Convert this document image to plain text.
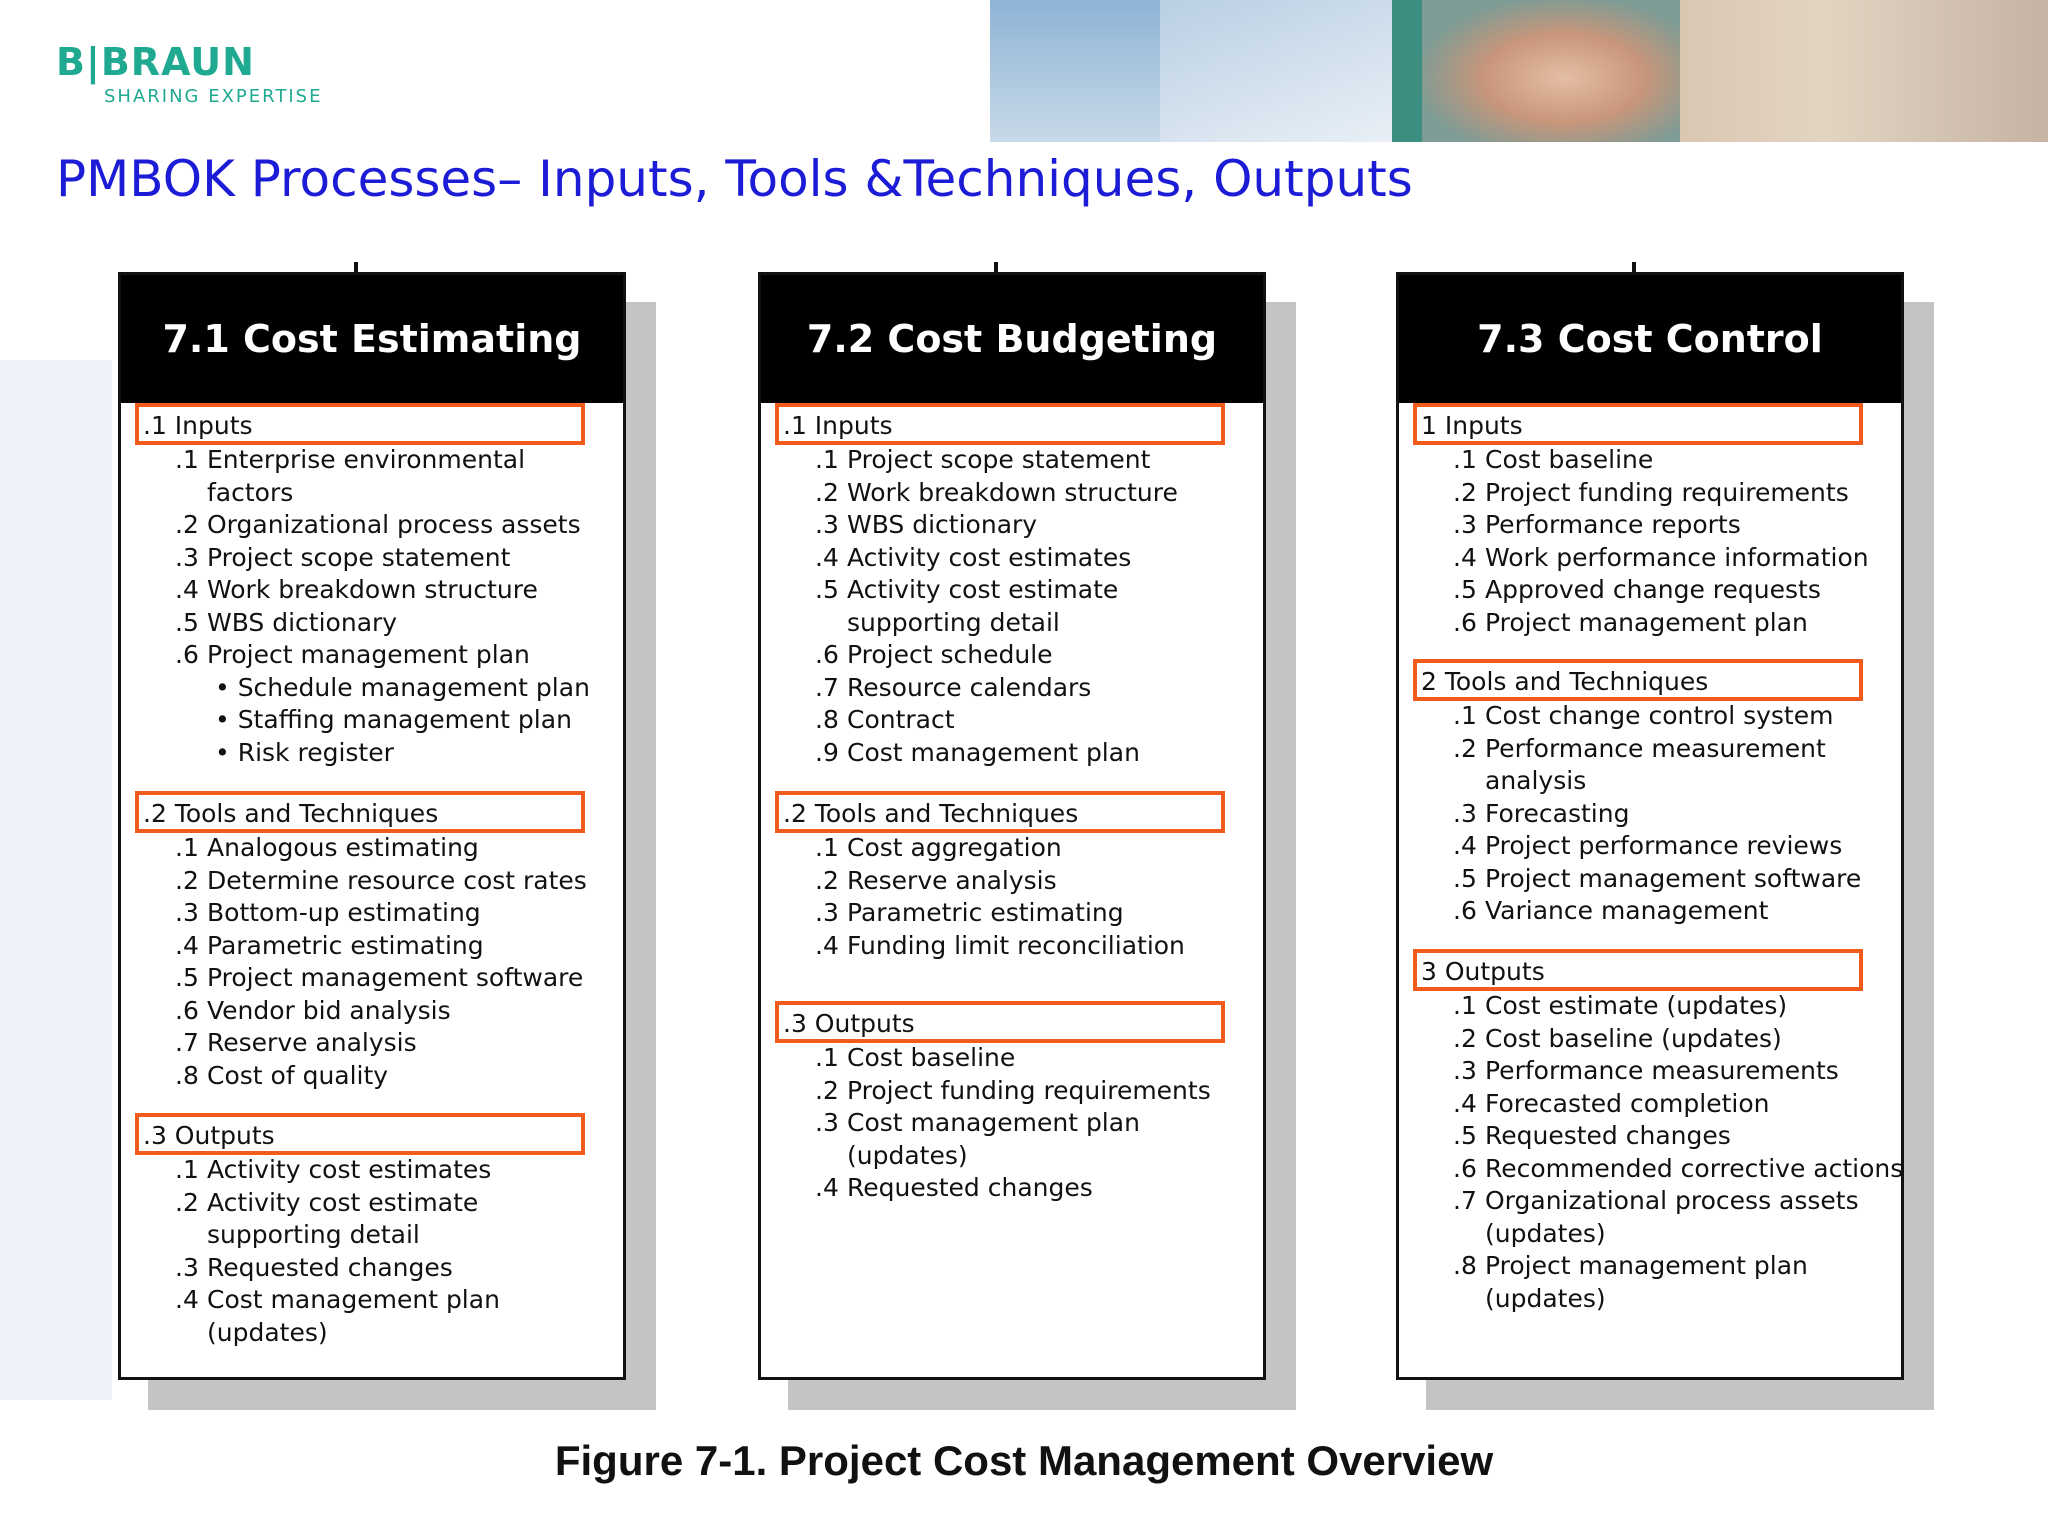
B|BRAUN
SHARING EXPERTISE
PMBOK Processes– Inputs, Tools &Techniques, Outputs
7.1 Cost Estimating
.1 Inputs
.1 Enterprise environmental
factors
.2 Organizational process assets
.3 Project scope statement
.4 Work breakdown structure
.5 WBS dictionary
.6 Project management plan
• Schedule management plan
• Staffing management plan
• Risk register
.2 Tools and Techniques
.1 Analogous estimating
.2 Determine resource cost rates
.3 Bottom-up estimating
.4 Parametric estimating
.5 Project management software
.6 Vendor bid analysis
.7 Reserve analysis
.8 Cost of quality
.3 Outputs
.1 Activity cost estimates
.2 Activity cost estimate
supporting detail
.3 Requested changes
.4 Cost management plan
(updates)
7.2 Cost Budgeting
.1 Inputs
.1 Project scope statement
.2 Work breakdown structure
.3 WBS dictionary
.4 Activity cost estimates
.5 Activity cost estimate
supporting detail
.6 Project schedule
.7 Resource calendars
.8 Contract
.9 Cost management plan
.2 Tools and Techniques
.1 Cost aggregation
.2 Reserve analysis
.3 Parametric estimating
.4 Funding limit reconciliation
.3 Outputs
.1 Cost baseline
.2 Project funding requirements
.3 Cost management plan
(updates)
.4 Requested changes
7.3 Cost Control
1 Inputs
.1 Cost baseline
.2 Project funding requirements
.3 Performance reports
.4 Work performance information
.5 Approved change requests
.6 Project management plan
2 Tools and Techniques
.1 Cost change control system
.2 Performance measurement
analysis
.3 Forecasting
.4 Project performance reviews
.5 Project management software
.6 Variance management
3 Outputs
.1 Cost estimate (updates)
.2 Cost baseline (updates)
.3 Performance measurements
.4 Forecasted completion
.5 Requested changes
.6 Recommended corrective actions
.7 Organizational process assets
(updates)
.8 Project management plan
(updates)
Figure 7-1. Project Cost Management Overview
